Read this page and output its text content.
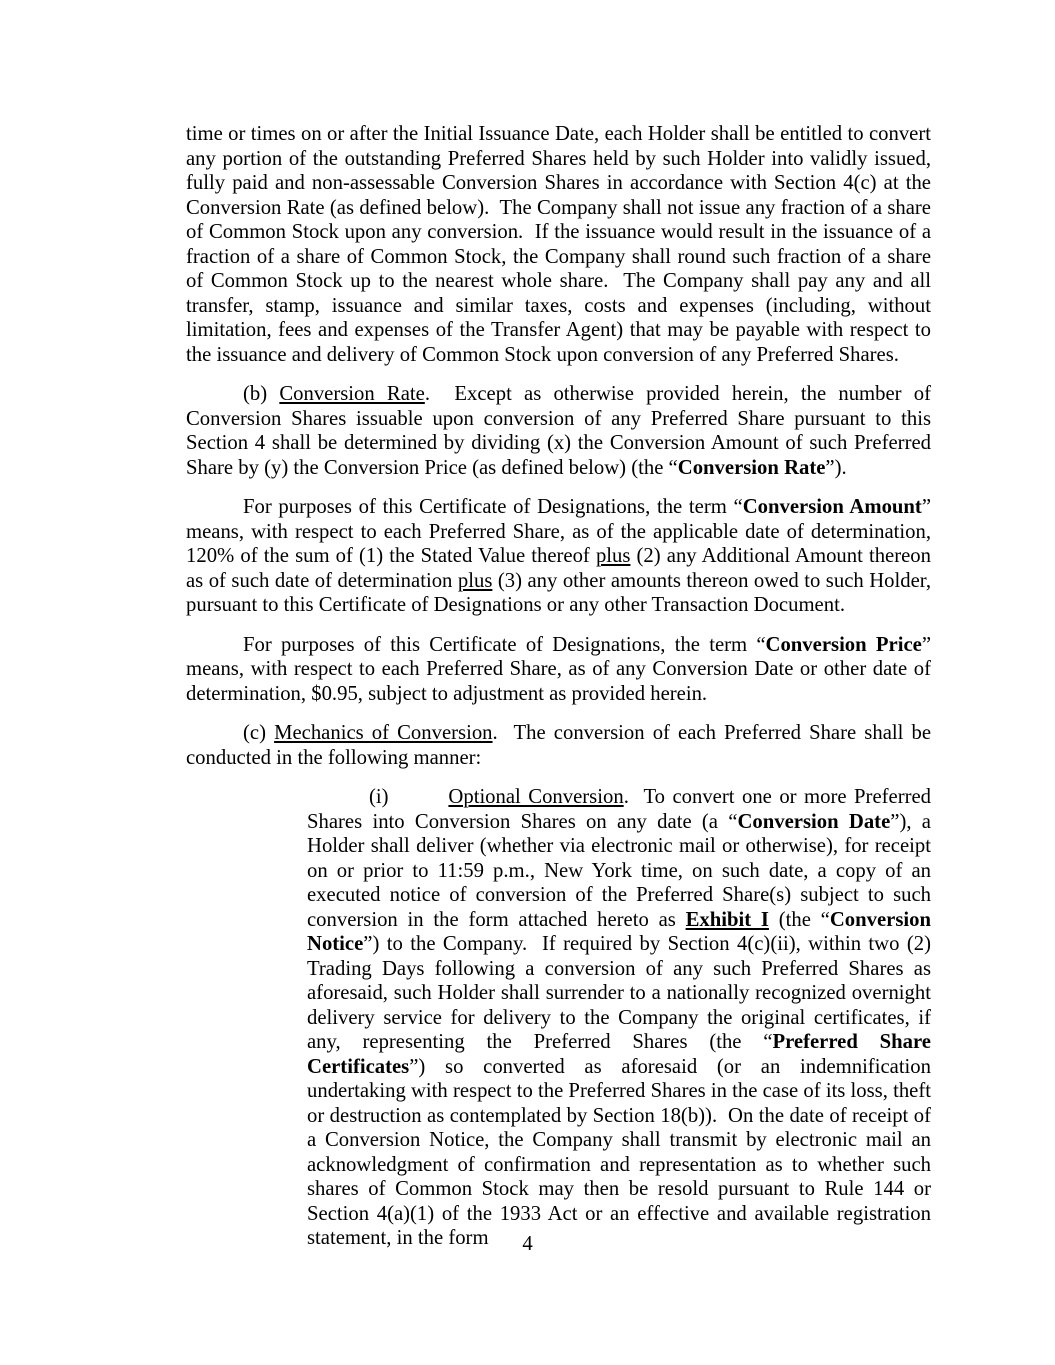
time or times on or after the Initial Issuance Date, each Holder shall be entitled to convert any portion of the outstanding Preferred Shares held by such Holder into validly issued, fully paid and non-assessable Conversion Shares in accordance with Section 4(c) at the Conversion Rate (as defined below).  The Company shall not issue any fraction of a share of Common Stock upon any conversion.  If the issuance would result in the issuance of a fraction of a share of Common Stock, the Company shall round such fraction of a share of Common Stock up to the nearest whole share.  The Company shall pay any and all transfer, stamp, issuance and similar taxes, costs and expenses (including, without limitation, fees and expenses of the Transfer Agent) that may be payable with respect to the issuance and delivery of Common Stock upon conversion of any Preferred Shares.

(b) Conversion Rate.  Except as otherwise provided herein, the number of Conversion Shares issuable upon conversion of any Preferred Share pursuant to this Section 4 shall be determined by dividing (x) the Conversion Amount of such Preferred Share by (y) the Conversion Price (as defined below) (the “Conversion Rate”).

For purposes of this Certificate of Designations, the term “Conversion Amount” means, with respect to each Preferred Share, as of the applicable date of determination, 120% of the sum of (1) the Stated Value thereof plus (2) any Additional Amount thereon as of such date of determination plus (3) any other amounts thereon owed to such Holder, pursuant to this Certificate of Designations or any other Transaction Document.

For purposes of this Certificate of Designations, the term “Conversion Price” means, with respect to each Preferred Share, as of any Conversion Date or other date of determination, $0.95, subject to adjustment as provided herein.

(c) Mechanics of Conversion.  The conversion of each Preferred Share shall be conducted in the following manner:

(i)        Optional Conversion.  To convert one or more Preferred Shares into Conversion Shares on any date (a “Conversion Date”), a Holder shall deliver (whether via electronic mail or otherwise), for receipt on or prior to 11:59 p.m., New York time, on such date, a copy of an executed notice of conversion of the Preferred Share(s) subject to such conversion in the form attached hereto as Exhibit I (the “Conversion Notice”) to the Company.  If required by Section 4(c)(ii), within two (2) Trading Days following a conversion of any such Preferred Shares as aforesaid, such Holder shall surrender to a nationally recognized overnight delivery service for delivery to the Company the original certificates, if any, representing the Preferred Shares (the “Preferred Share Certificates”) so converted as aforesaid (or an indemnification undertaking with respect to the Preferred Shares in the case of its loss, theft or destruction as contemplated by Section 18(b)).  On the date of receipt of a Conversion Notice, the Company shall transmit by electronic mail an acknowledgment of confirmation and representation as to whether such shares of Common Stock may then be resold pursuant to Rule 144 or Section 4(a)(1) of the 1933 Act or an effective and available registration statement, in the form	4
